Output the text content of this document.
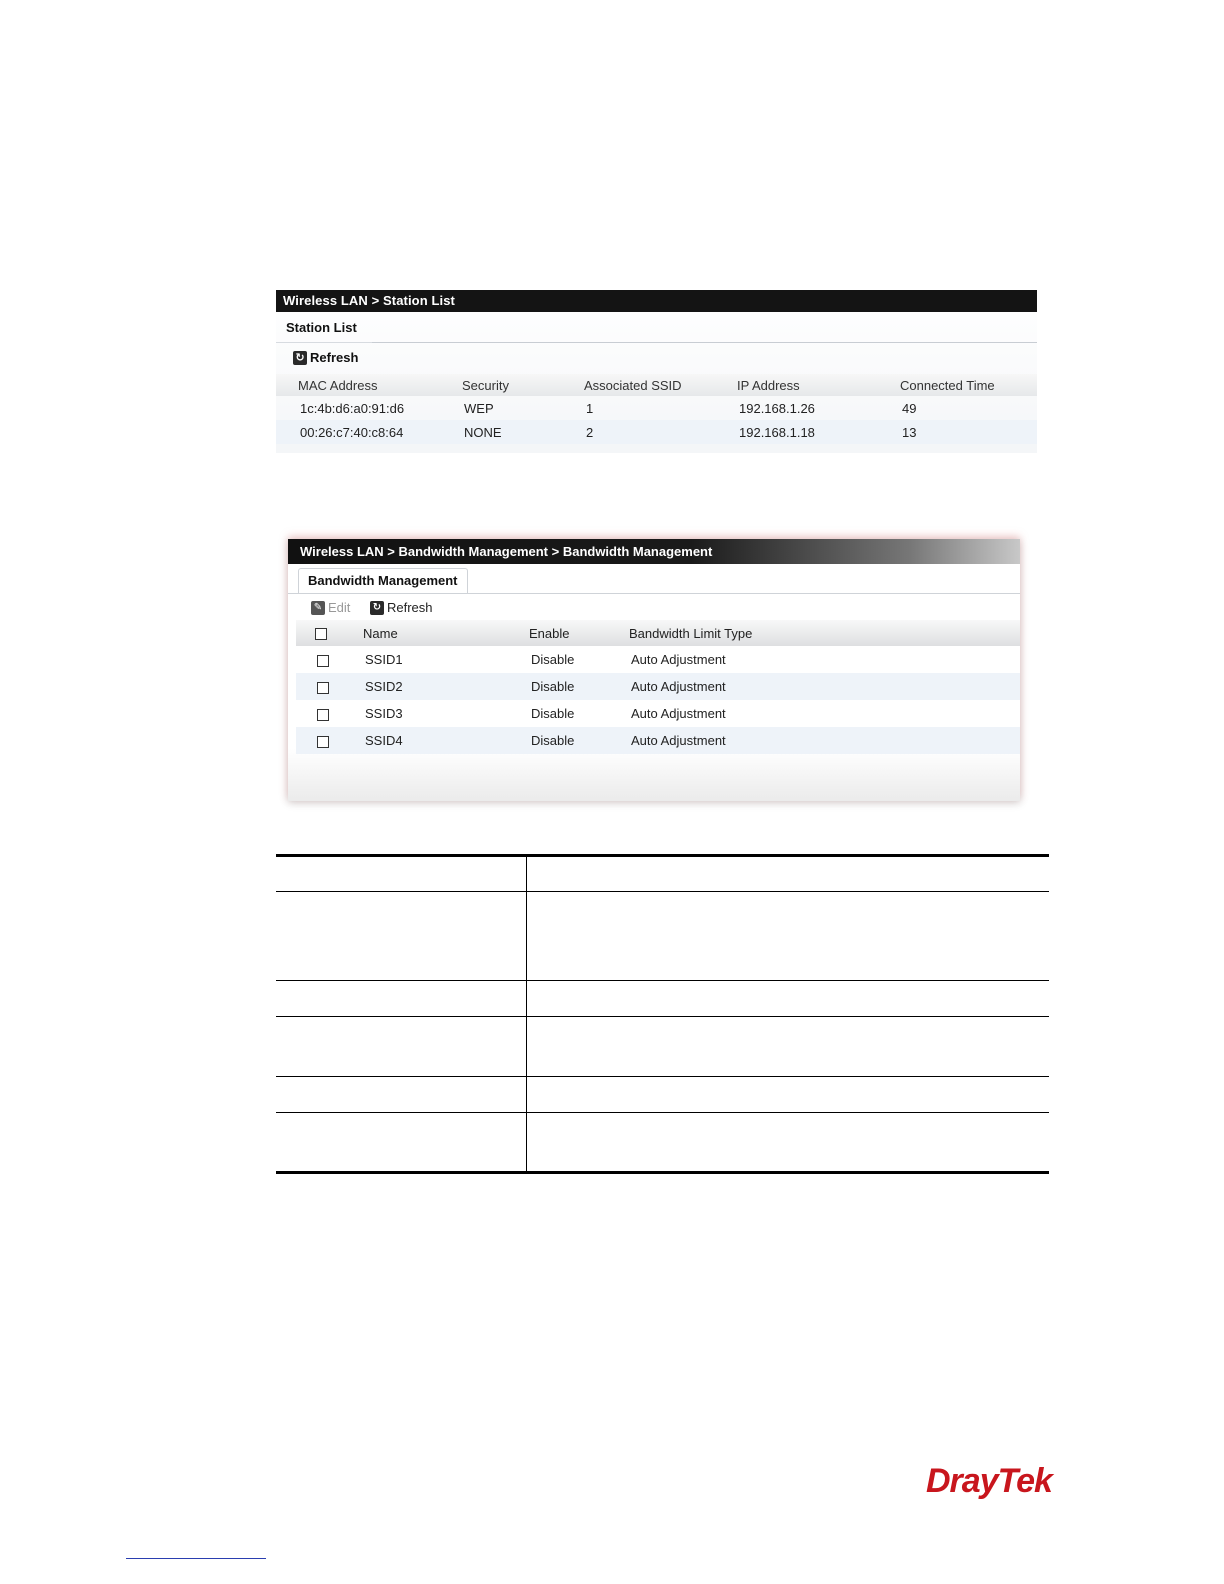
Wireless LAN > Station List
Station List
↻ Refresh
MAC Address	Security	Associated SSID	IP Address	Connected Time
1c:4b:d6:a0:91:d6	WEP	1	192.168.1.26	49
00:26:c7:40:c8:64	NONE	2	192.168.1.18	13
Wireless LAN > Bandwidth Management > Bandwidth Management
Bandwidth Management
✎ Edit ↻ Refresh
	Name	Enable	Bandwidth Limit Type
	SSID1	Disable	Auto Adjustment
	SSID2	Disable	Auto Adjustment
	SSID3	Disable	Auto Adjustment
	SSID4	Disable	Auto Adjustment

DrayTek
